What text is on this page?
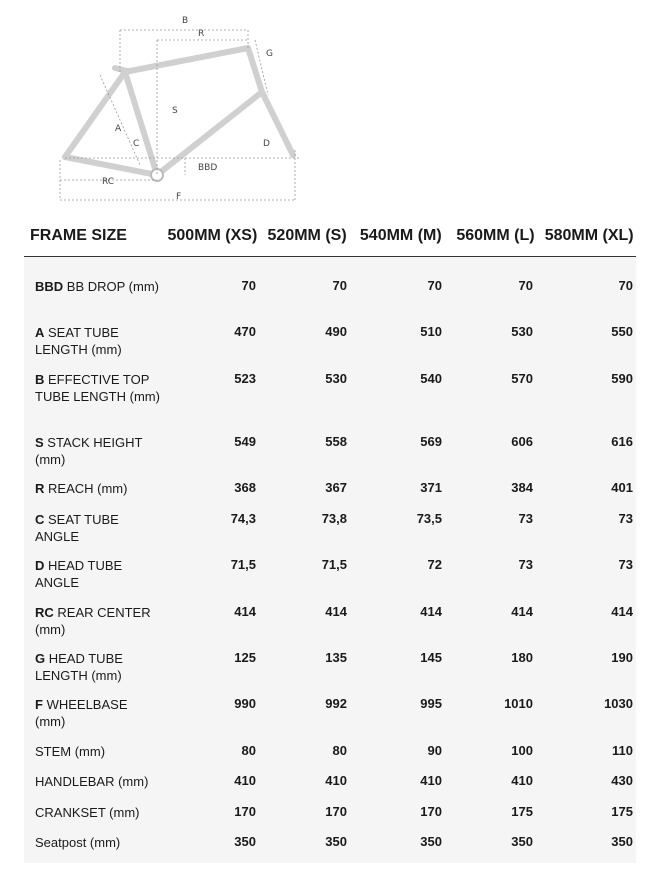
B
R
G
S
A
C	D
BBD
RC
F
FRAME SIZE	500MM (XS) 520MM (S) 540MM (M) 560MM (L) 580MM (XL)
BBD BB DROP (mm)	70	70	70	70	70
A SEAT TUBE LENGTH (mm)
470	490	510	530	550
B EFFECTIVE TOP TUBE LENGTH (mm)
523	530	540	570	590
S STACK HEIGHT (mm)
549	558	569	606	616
R REACH (mm)	368	367	371	384	401
C SEAT TUBE ANGLE
74,3	73,8	73,5	73	73
D HEAD TUBE ANGLE
71,5	71,5	72	73	73
RC REAR CENTER (mm)
414	414	414	414	414
G HEAD TUBE LENGTH (mm)
125	135	145	180	190
F WHEELBASE (mm)
990	992	995	1010	1030
STEM (mm)	80	80	90	100	110
HANDLEBAR (mm)	410	410	410	410	430
CRANKSET (mm)	170	170	170	175	175
Seatpost (mm)	350	350	350	350	350
